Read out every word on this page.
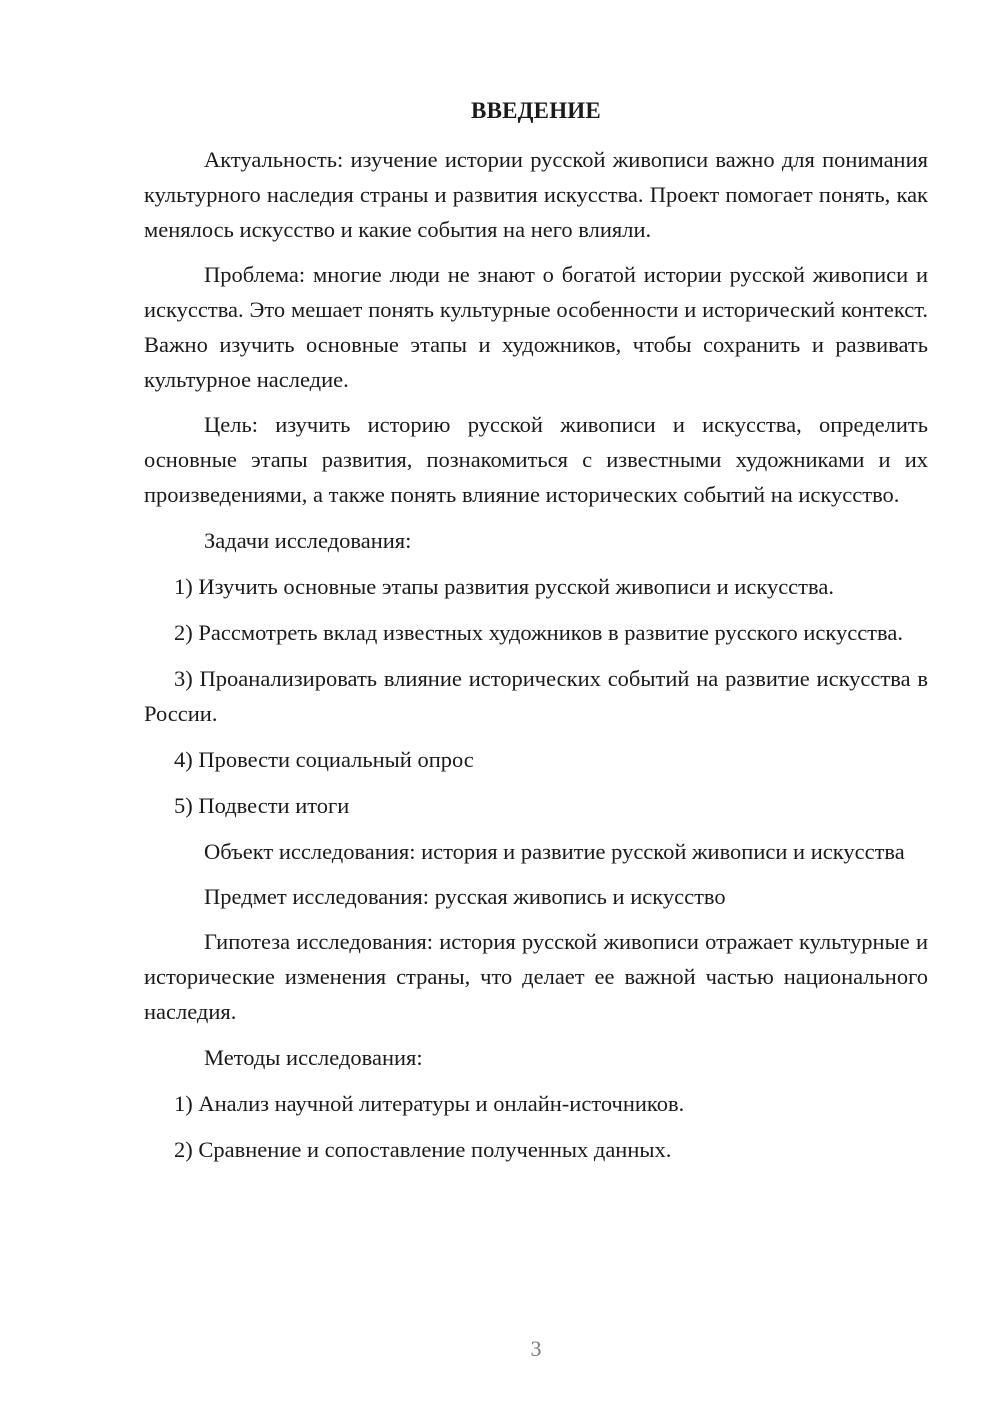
ВВЕДЕНИЕ

Актуальность: изучение истории русской живописи важно для понимания культурного наследия страны и развития искусства. Проект помогает понять, как менялось искусство и какие события на него влияли.

Проблема: многие люди не знают о богатой истории русской живописи и искусства. Это мешает понять культурные особенности и исторический контекст. Важно изучить основные этапы и художников, чтобы сохранить и развивать культурное наследие.

Цель: изучить историю русской живописи и искусства, определить основные этапы развития, познакомиться с известными художниками и их произведениями, а также понять влияние исторических событий на искусство.

Задачи исследования:

1) Изучить основные этапы развития русской живописи и искусства.

2) Рассмотреть вклад известных художников в развитие русского искусства.

3) Проанализировать влияние исторических событий на развитие искусства в России.

4) Провести социальный опрос

5) Подвести итоги

Объект исследования: история и развитие русской живописи и искусства

Предмет исследования: русская живопись и искусство

Гипотеза исследования: история русской живописи отражает культурные и исторические изменения страны, что делает ее важной частью национального наследия.

Методы исследования:

1) Анализ научной литературы и онлайн-источников.

2) Сравнение и сопоставление полученных данных.

3
